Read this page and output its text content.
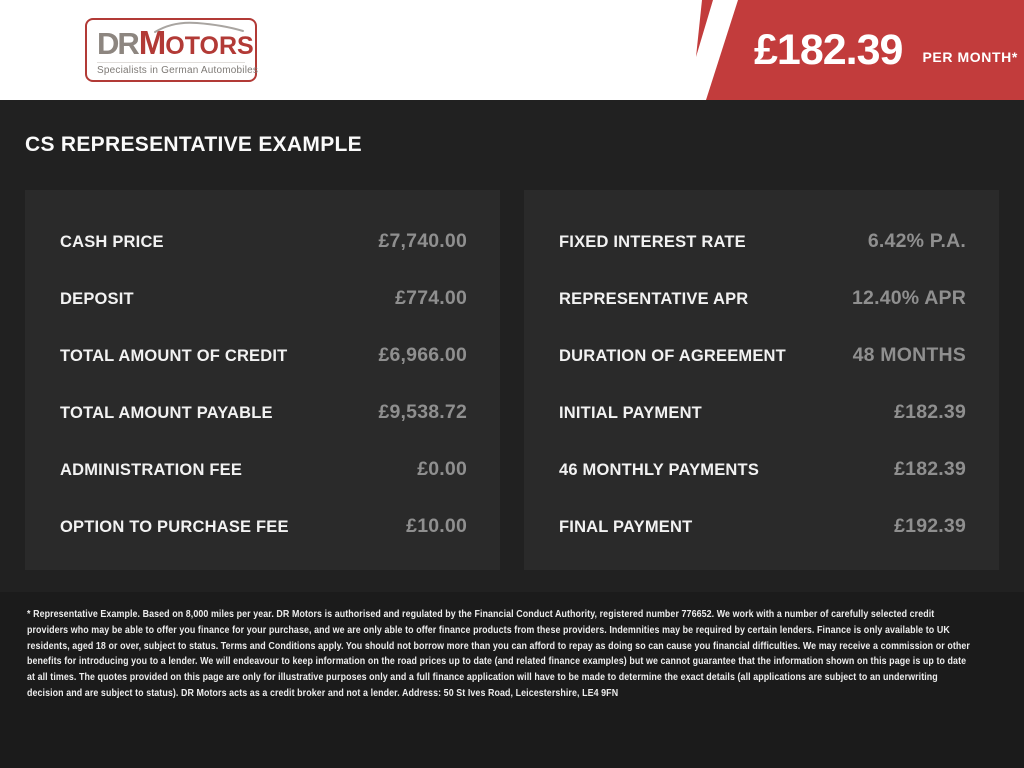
DR M OTORS
Specialists in German Automobiles	£182.39 PER MONTH*
CS REPRESENTATIVE EXAMPLE
CASH PRICE	£7,740.00
DEPOSIT	£774.00
TOTAL AMOUNT OF CREDIT	£6,966.00
TOTAL AMOUNT PAYABLE	£9,538.72
ADMINISTRATION FEE	£0.00
OPTION TO PURCHASE FEE	£10.00
FIXED INTEREST RATE	6.42% P.A.
REPRESENTATIVE APR	12.40% APR
DURATION OF AGREEMENT	48 MONTHS
INITIAL PAYMENT	£182.39
46 MONTHLY PAYMENTS	£182.39
FINAL PAYMENT	£192.39

* Representative Example. Based on 8,000 miles per year. DR Motors is authorised and regulated by the Financial Conduct Authority, registered number 776652. We work with a number of carefully selected credit providers who may be able to offer you finance for your purchase, and we are only able to offer finance products from these providers. Indemnities may be required by certain lenders. Finance is only available to UK residents, aged 18 or over, subject to status. Terms and Conditions apply. You should not borrow more than you can afford to repay as doing so can cause you financial difficulties. We may receive a commission or other benefits for introducing you to a lender. We will endeavour to keep information on the road prices up to date (and related finance examples) but we cannot guarantee that the information shown on this page is up to date at all times. The quotes provided on this page are only for illustrative purposes only and a full finance application will have to be made to determine the exact details (all applications are subject to an underwriting decision and are subject to status). DR Motors acts as a credit broker and not a lender. Address: 50 St Ives Road, Leicestershire, LE4 9FN
